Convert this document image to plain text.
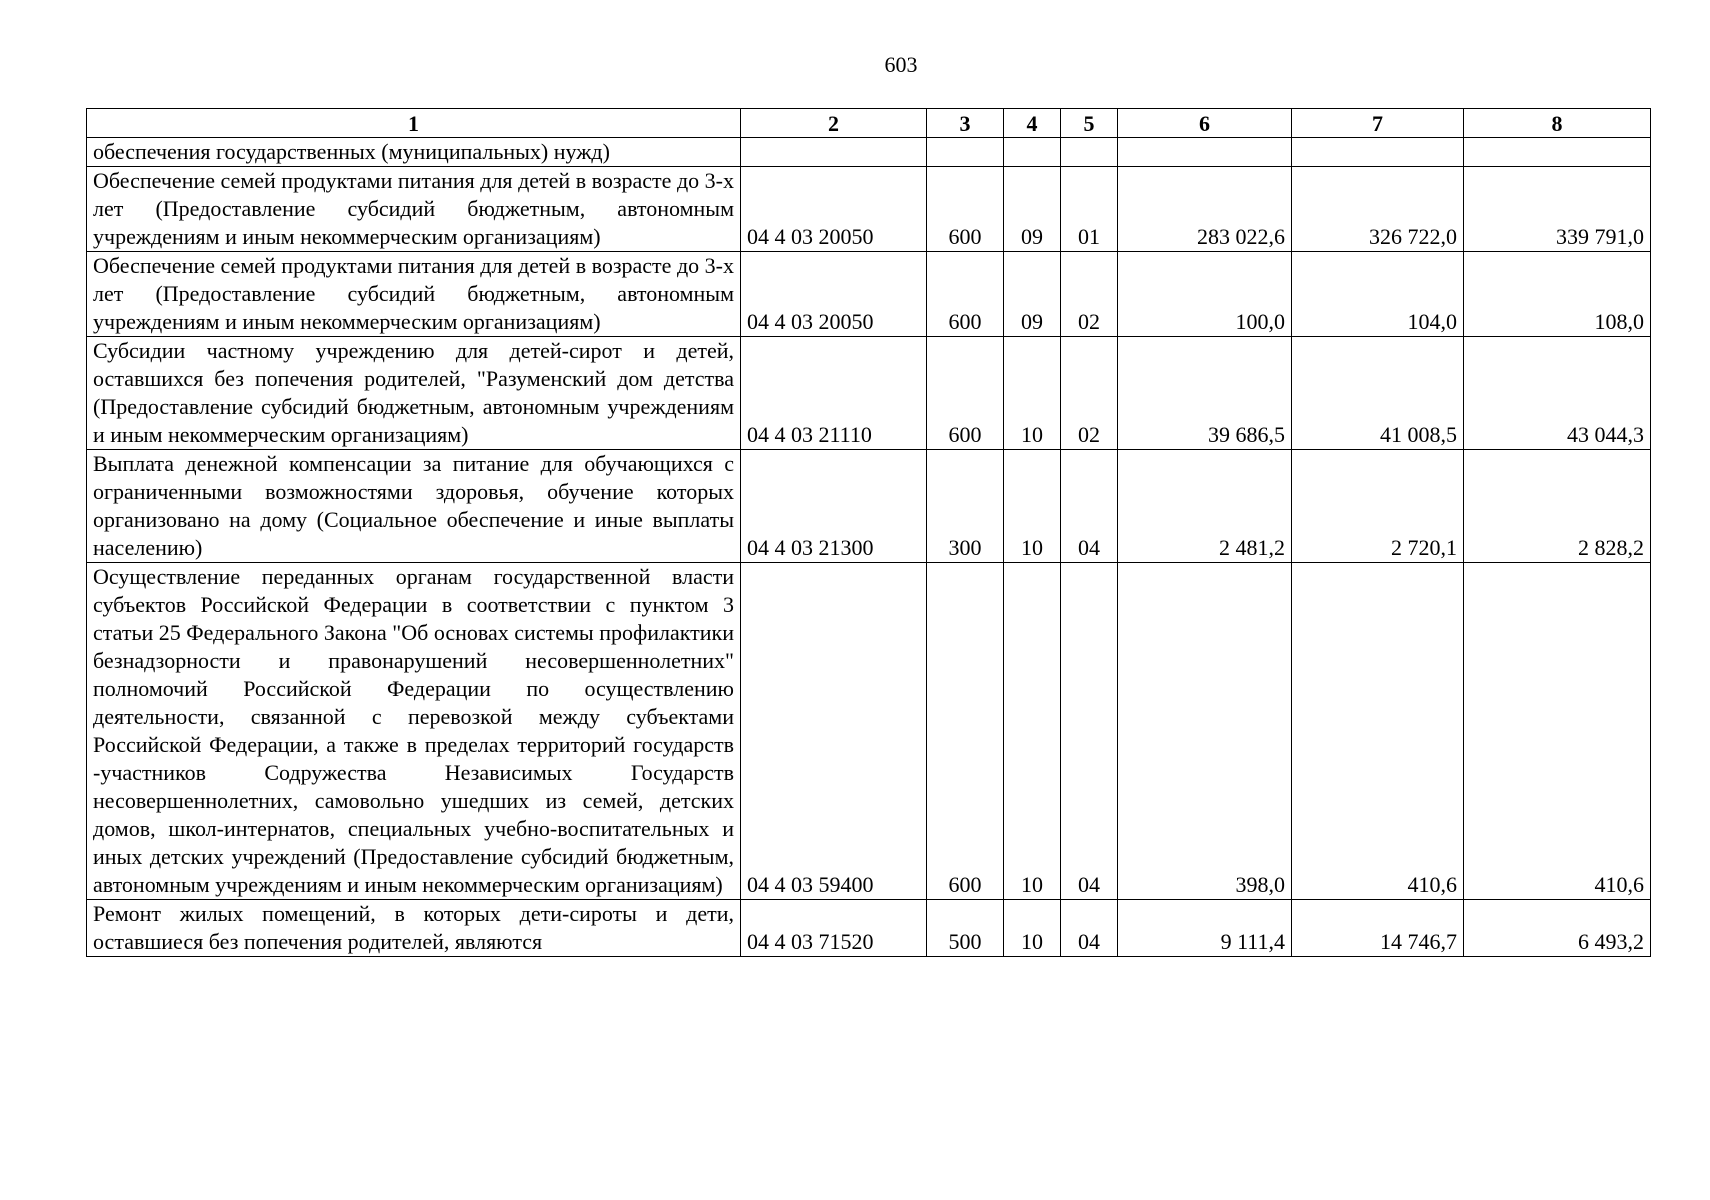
603
1	2	3	4	5	6	7	8
обеспечения государственных (муниципальных) нужд)							
Обеспечение семей продуктами питания для детей в возрасте до 3-х лет (Предоставление субсидий бюджетным, автономным учреждениям и иным некоммерческим организациям)	04 4 03 20050	600	09	01	283 022,6	326 722,0	339 791,0
Обеспечение семей продуктами питания для детей в возрасте до 3-х лет (Предоставление субсидий бюджетным, автономным учреждениям и иным некоммерческим организациям)	04 4 03 20050	600	09	02	100,0	104,0	108,0
Субсидии частному учреждению для детей-сирот и детей, оставшихся без попечения родителей, "Разуменский дом детства (Предоставление субсидий бюджетным, автономным учреждениям и иным некоммерческим организациям)	04 4 03 21110	600	10	02	39 686,5	41 008,5	43 044,3
Выплата денежной компенсации за питание для обучающихся с ограниченными возможностями здоровья, обучение которых организовано на дому (Социальное обеспечение и иные выплаты населению)	04 4 03 21300	300	10	04	2 481,2	2 720,1	2 828,2
Осуществление переданных органам государственной власти субъектов Российской Федерации в соответствии с пунктом 3 статьи 25 Федерального Закона "Об основах системы профилактики безнадзорности и правонарушений несовершеннолетних" полномочий Российской Федерации по осуществлению деятельности, связанной с перевозкой между субъектами Российской Федерации, а также в пределах территорий государств -участников Содружества Независимых Государств несовершеннолетних, самовольно ушедших из семей, детских домов, школ-интернатов, специальных учебно-воспитательных и иных детских учреждений (Предоставление субсидий бюджетным, автономным учреждениям и иным некоммерческим организациям)	04 4 03 59400	600	10	04	398,0	410,6	410,6
Ремонт жилых помещений, в которых дети-сироты и дети, оставшиеся без попечения родителей, являются	04 4 03 71520	500	10	04	9 111,4	14 746,7	6 493,2
